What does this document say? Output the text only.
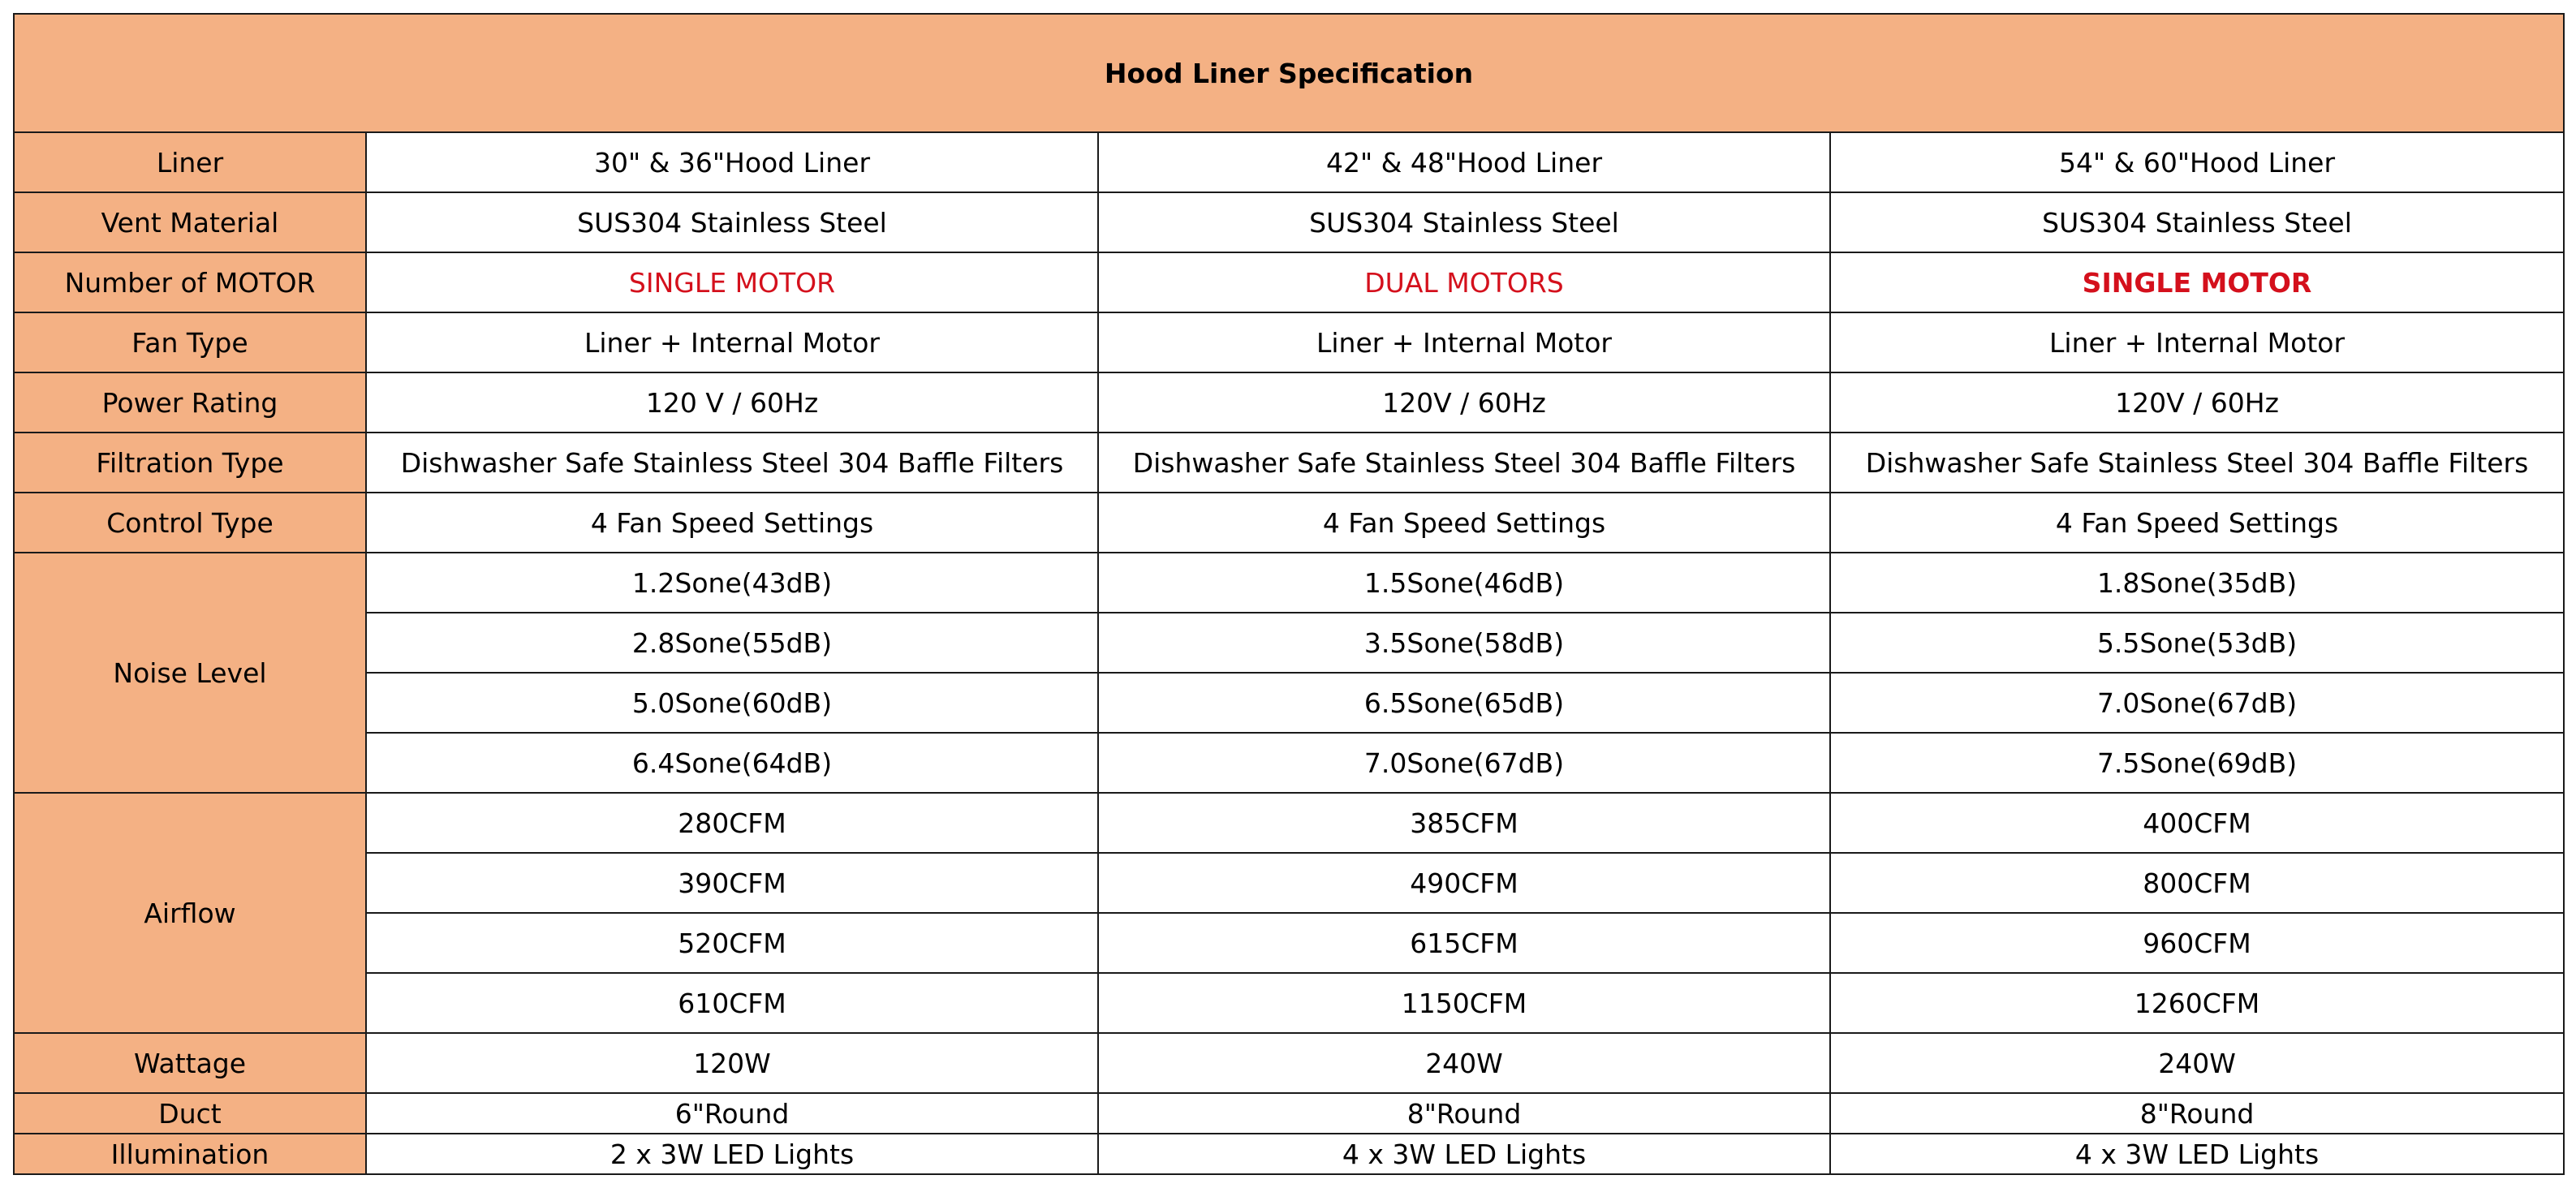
Hood Liner Specification			
Liner	30" & 36"Hood Liner	42" & 48"Hood Liner	54" & 60"Hood Liner
Vent Material	SUS304 Stainless Steel	SUS304 Stainless Steel	SUS304 Stainless Steel
Number of MOTOR	SINGLE MOTOR	DUAL MOTORS	SINGLE MOTOR
Fan Type	Liner + Internal Motor	Liner + Internal Motor	Liner + Internal Motor
Power Rating	120 V / 60Hz	120V / 60Hz	120V / 60Hz
Filtration Type	Dishwasher Safe Stainless Steel 304 Baffle Filters	Dishwasher Safe Stainless Steel 304 Baffle Filters	Dishwasher Safe Stainless Steel 304 Baffle Filters
Control Type	4 Fan Speed Settings	4 Fan Speed Settings	4 Fan Speed Settings
Noise Level	1.2Sone(43dB)	1.5Sone(46dB)	1.8Sone(35dB)
	2.8Sone(55dB)	3.5Sone(58dB)	5.5Sone(53dB)
	5.0Sone(60dB)	6.5Sone(65dB)	7.0Sone(67dB)
	6.4Sone(64dB)	7.0Sone(67dB)	7.5Sone(69dB)
Airflow	280CFM	385CFM	400CFM
	390CFM	490CFM	800CFM
	520CFM	615CFM	960CFM
	610CFM	1150CFM	1260CFM
Wattage	120W	240W	240W
Duct	6"Round	8"Round	8"Round
Illumination	2 x 3W LED Lights	4 x 3W LED Lights	4 x 3W LED Lights
